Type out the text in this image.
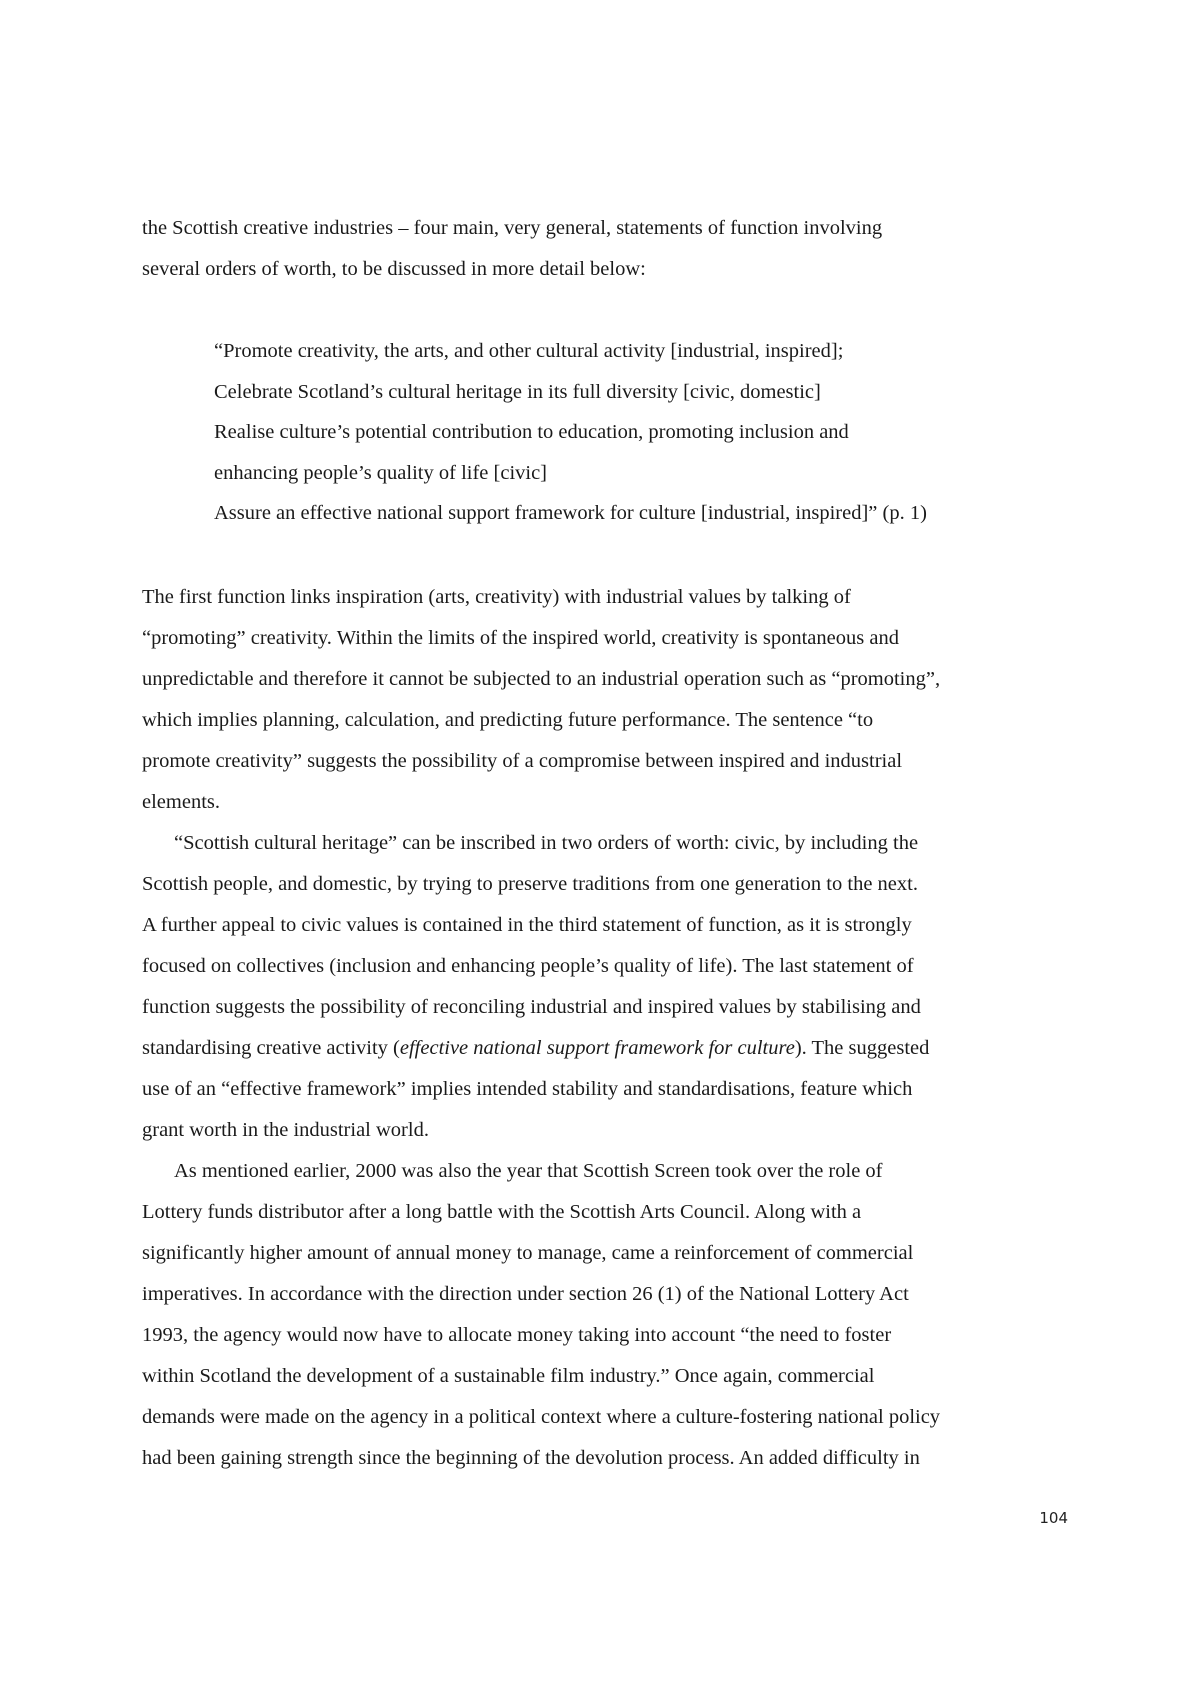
the Scottish creative industries – four main, very general, statements of function involving
several orders of worth, to be discussed in more detail below:
“Promote creativity, the arts, and other cultural activity [industrial, inspired];
Celebrate Scotland’s cultural heritage in its full diversity [civic, domestic]
Realise culture’s potential contribution to education, promoting inclusion and
enhancing people’s quality of life [civic]
Assure an effective national support framework for culture [industrial, inspired]” (p. 1)
The first function links inspiration (arts, creativity) with industrial values by talking of
“promoting” creativity. Within the limits of the inspired world, creativity is spontaneous and
unpredictable and therefore it cannot be subjected to an industrial operation such as “promoting”,
which implies planning, calculation, and predicting future performance. The sentence “to
promote creativity” suggests the possibility of a compromise between inspired and industrial
elements.
“Scottish cultural heritage” can be inscribed in two orders of worth: civic, by including the
Scottish people, and domestic, by trying to preserve traditions from one generation to the next.
A further appeal to civic values is contained in the third statement of function, as it is strongly
focused on collectives (inclusion and enhancing people’s quality of life). The last statement of
function suggests the possibility of reconciling industrial and inspired values by stabilising and
standardising creative activity (effective national support framework for culture). The suggested
use of an “effective framework” implies intended stability and standardisations, feature which
grant worth in the industrial world.
As mentioned earlier, 2000 was also the year that Scottish Screen took over the role of
Lottery funds distributor after a long battle with the Scottish Arts Council. Along with a
significantly higher amount of annual money to manage, came a reinforcement of commercial
imperatives. In accordance with the direction under section 26 (1) of the National Lottery Act
1993, the agency would now have to allocate money taking into account “the need to foster
within Scotland the development of a sustainable film industry.” Once again, commercial
demands were made on the agency in a political context where a culture-fostering national policy
had been gaining strength since the beginning of the devolution process. An added difficulty in
104
